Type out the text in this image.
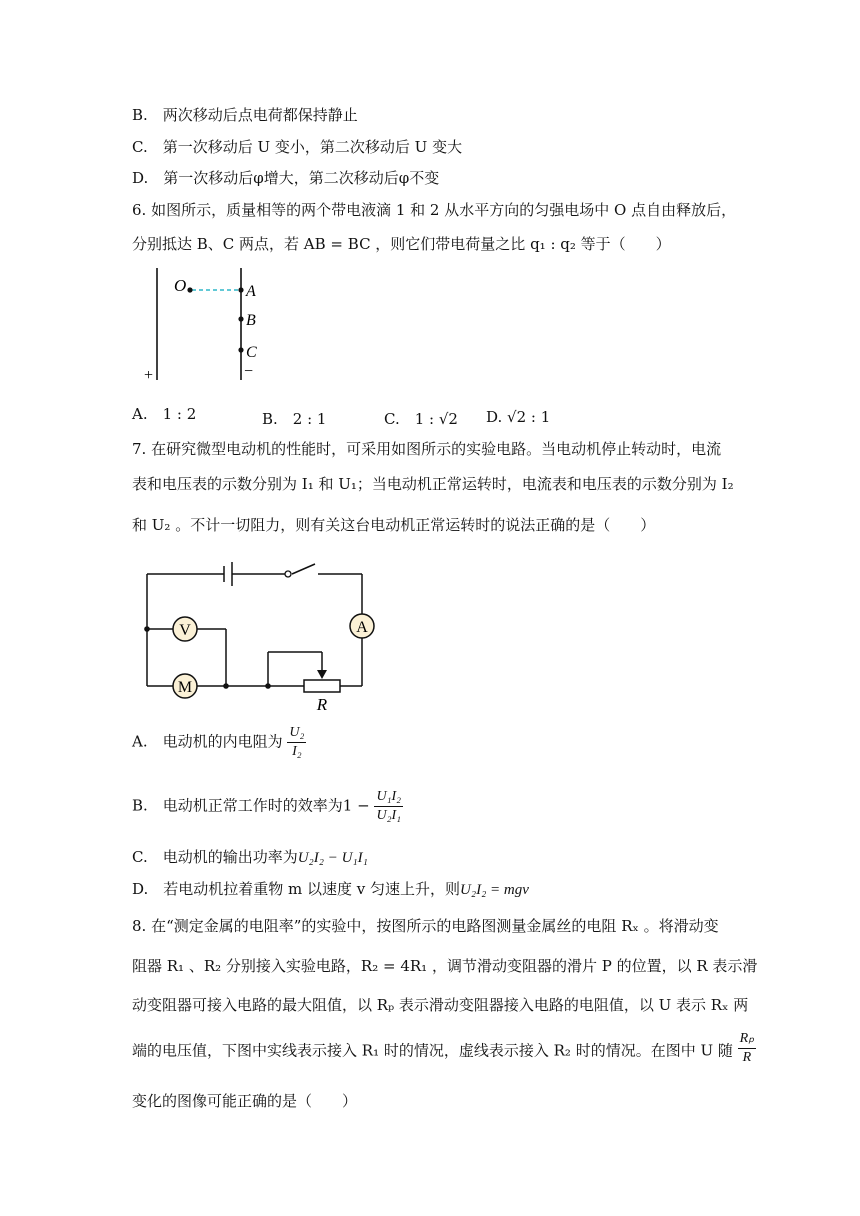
B.　两次移动后点电荷都保持静止
C.　第一次移动后 U 变小，第二次移动后 U 变大
D.　第一次移动后φ增大，第二次移动后φ不变
6. 如图所示，质量相等的两个带电液滴 1 和 2 从水平方向的匀强电场中 O 点自由释放后，
分别抵达 B、C 两点，若 AB = BC ，则它们带电荷量之比 q₁ : q₂ 等于（　　）
O	A
B
C
+	−
A.　1 : 2	B.　2 : 1	C.　1 : √2 D. √2 : 1
7. 在研究微型电动机的性能时，可采用如图所示的实验电路。当电动机停止转动时，电流
表和电压表的示数分别为 I₁ 和 U₁；当电动机正常运转时，电流表和电压表的示数分别为 I₂
和 U₂ 。不计一切阻力，则有关这台电动机正常运转时的说法正确的是（　　）
V	A
M
R
A.　电动机的内电阻为 $\frac{\text{U₂}}{\text{I₂}}$
B.　电动机正常工作时的效率为$1 - \frac{\text{U₁I₂}}{\text{U₂I₁}}$
C.　电动机的输出功率为U₂I₂ − U₁I₁
D.　若电动机拉着重物 m 以速度 v 匀速上升，则U₂I₂ = mgv
8. 在“测定金属的电阻率”的实验中，按图所示的电路图测量金属丝的电阻 Rₓ 。将滑动变
阻器 R₁ 、R₂ 分别接入实验电路，R₂ = 4R₁ ，调节滑动变阻器的滑片 P 的位置，以 R 表示滑
动变阻器可接入电路的最大阻值，以 Rₚ 表示滑动变阻器接入电路的电阻值，以 U 表示 Rₓ 两
端的电压值，下图中实线表示接入 R₁ 时的情况，虚线表示接入 R₂ 时的情况。在图中 U 随 $\frac{\text{Rₚ}}{R}$
变化的图像可能正确的是（　　）
